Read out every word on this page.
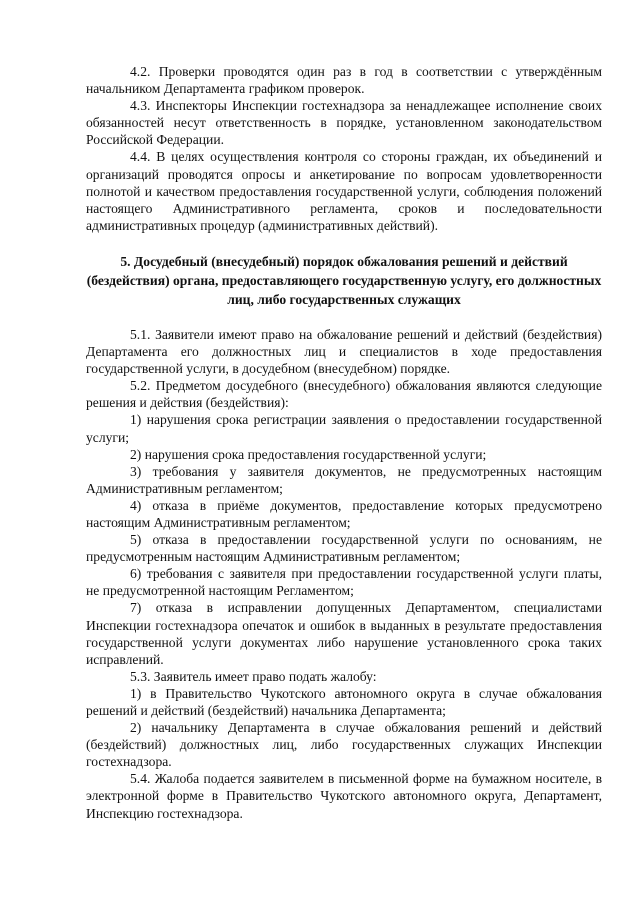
4.2. Проверки проводятся один раз в год в соответствии с утверждённым начальником Департамента графиком проверок.

4.3. Инспекторы Инспекции гостехнадзора за ненадлежащее исполнение своих обязанностей несут ответственность в порядке, установленном законодательством Российской Федерации.

4.4. В целях осуществления контроля со стороны граждан, их объединений и организаций проводятся опросы и анкетирование по вопросам удовлетворенности полнотой и качеством предоставления государственной услуги, соблюдения положений настоящего Административного регламента, сроков и последовательности административных процедур (административных действий).

5. Досудебный (внесудебный) порядок обжалования решений и действий (бездействия) органа, предоставляющего государственную услугу, его должностных лиц, либо государственных служащих

5.1. Заявители имеют право на обжалование решений и действий (бездействия) Департамента его должностных лиц и специалистов в ходе предоставления государственной услуги, в досудебном (внесудебном) порядке.

5.2. Предметом досудебного (внесудебного) обжалования являются следующие решения и действия (бездействия):

1) нарушения срока регистрации заявления о предоставлении государственной услуги;

2) нарушения срока предоставления государственной услуги;

3) требования у заявителя документов, не предусмотренных настоящим Административным регламентом;

4) отказа в приёме документов, предоставление которых предусмотрено настоящим Административным регламентом;

5) отказа в предоставлении государственной услуги по основаниям, не предусмотренным настоящим Административным регламентом;

6) требования с заявителя при предоставлении государственной услуги платы, не предусмотренной настоящим Регламентом;

7) отказа в исправлении допущенных Департаментом, специалистами Инспекции гостехнадзора опечаток и ошибок в выданных в результате предоставления государственной услуги документах либо нарушение установленного срока таких исправлений.

5.3. Заявитель имеет право подать жалобу:

1) в Правительство Чукотского автономного округа в случае обжалования решений и действий (бездействий) начальника Департамента;

2) начальнику Департамента в случае обжалования решений и действий (бездействий) должностных лиц, либо государственных служащих Инспекции гостехнадзора.

5.4. Жалоба подается заявителем в письменной форме на бумажном носителе, в электронной форме в Правительство Чукотского автономного округа, Департамент, Инспекцию гостехнадзора.
